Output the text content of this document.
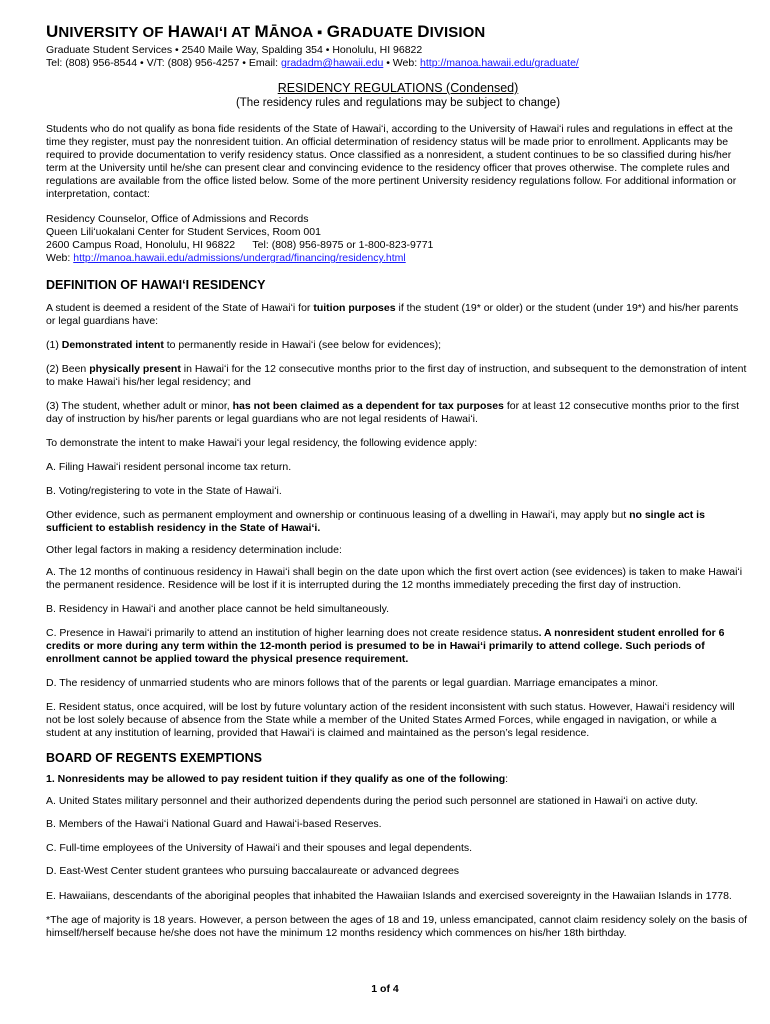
UNIVERSITY OF HAWAIʻI AT MĀNOA ▪ GRADUATE DIVISION
Graduate Student Services • 2540 Maile Way, Spalding 354 • Honolulu, HI 96822
Tel: (808) 956-8544 • V/T: (808) 956-4257 • Email: gradadm@hawaii.edu • Web: http://manoa.hawaii.edu/graduate/
RESIDENCY REGULATIONS (Condensed)
(The residency rules and regulations may be subject to change)

Students who do not qualify as bona fide residents of the State of Hawaiʻi, according to the University of Hawaiʻi rules and regulations in effect at the time they register, must pay the nonresident tuition. An official determination of residency status will be made prior to enrollment. Applicants may be required to provide documentation to verify residency status. Once classified as a nonresident, a student continues to be so classified during his/her term at the University until he/she can present clear and convincing evidence to the residency officer that proves otherwise. The complete rules and regulations are available from the office listed below. Some of the more pertinent University residency regulations follow. For additional information or interpretation, contact:

Residency Counselor, Office of Admissions and Records

Queen Liliʻuokalani Center for Student Services, Room 001

2600 Campus Road, Honolulu, HI 96822      Tel: (808) 956-8975 or 1-800-823-9771

Web: http://manoa.hawaii.edu/admissions/undergrad/financing/residency.html

DEFINITION OF HAWAIʻI RESIDENCY

A student is deemed a resident of the State of Hawaiʻi for tuition purposes if the student (19* or older) or the student (under 19*) and his/her parents or legal guardians have:

(1) Demonstrated intent to permanently reside in Hawaiʻi (see below for evidences);

(2) Been physically present in Hawaiʻi for the 12 consecutive months prior to the first day of instruction, and subsequent to the demonstration of intent to make Hawaiʻi his/her legal residency; and

(3) The student, whether adult or minor, has not been claimed as a dependent for tax purposes for at least 12 consecutive months prior to the first day of instruction by his/her parents or legal guardians who are not legal residents of Hawaiʻi.

To demonstrate the intent to make Hawaiʻi your legal residency, the following evidence apply:

A. Filing Hawaiʻi resident personal income tax return.

B. Voting/registering to vote in the State of Hawaiʻi.

Other evidence, such as permanent employment and ownership or continuous leasing of a dwelling in Hawaiʻi, may apply but no single act is sufficient to establish residency in the State of Hawaiʻi.

Other legal factors in making a residency determination include:

A. The 12 months of continuous residency in Hawaiʻi shall begin on the date upon which the first overt action (see evidences) is taken to make Hawaiʻi the permanent residence. Residence will be lost if it is interrupted during the 12 months immediately preceding the first day of instruction.

B. Residency in Hawaiʻi and another place cannot be held simultaneously.

C. Presence in Hawaiʻi primarily to attend an institution of higher learning does not create residence status. A nonresident student enrolled for 6 credits or more during any term within the 12-month period is presumed to be in Hawaiʻi primarily to attend college. Such periods of enrollment cannot be applied toward the physical presence requirement.

D. The residency of unmarried students who are minors follows that of the parents or legal guardian. Marriage emancipates a minor.

E. Resident status, once acquired, will be lost by future voluntary action of the resident inconsistent with such status. However, Hawaiʻi residency will not be lost solely because of absence from the State while a member of the United States Armed Forces, while engaged in navigation, or while a student at any institution of learning, provided that Hawaiʻi is claimed and maintained as the person’s legal residence.

BOARD OF REGENTS EXEMPTIONS

1. Nonresidents may be allowed to pay resident tuition if they qualify as one of the following:

A. United States military personnel and their authorized dependents during the period such personnel are stationed in Hawaiʻi on active duty.

B. Members of the Hawaiʻi National Guard and Hawaiʻi-based Reserves.

C. Full-time employees of the University of Hawaiʻi and their spouses and legal dependents.

D. East-West Center student grantees who pursuing baccalaureate or advanced degrees

E. Hawaiians, descendants of the aboriginal peoples that inhabited the Hawaiian Islands and exercised sovereignty in the Hawaiian Islands in 1778.

*The age of majority is 18 years. However, a person between the ages of 18 and 19, unless emancipated, cannot claim residency solely on the basis of himself/herself because he/she does not have the minimum 12 months residency which commences on his/her 18th birthday.

1 of 4
